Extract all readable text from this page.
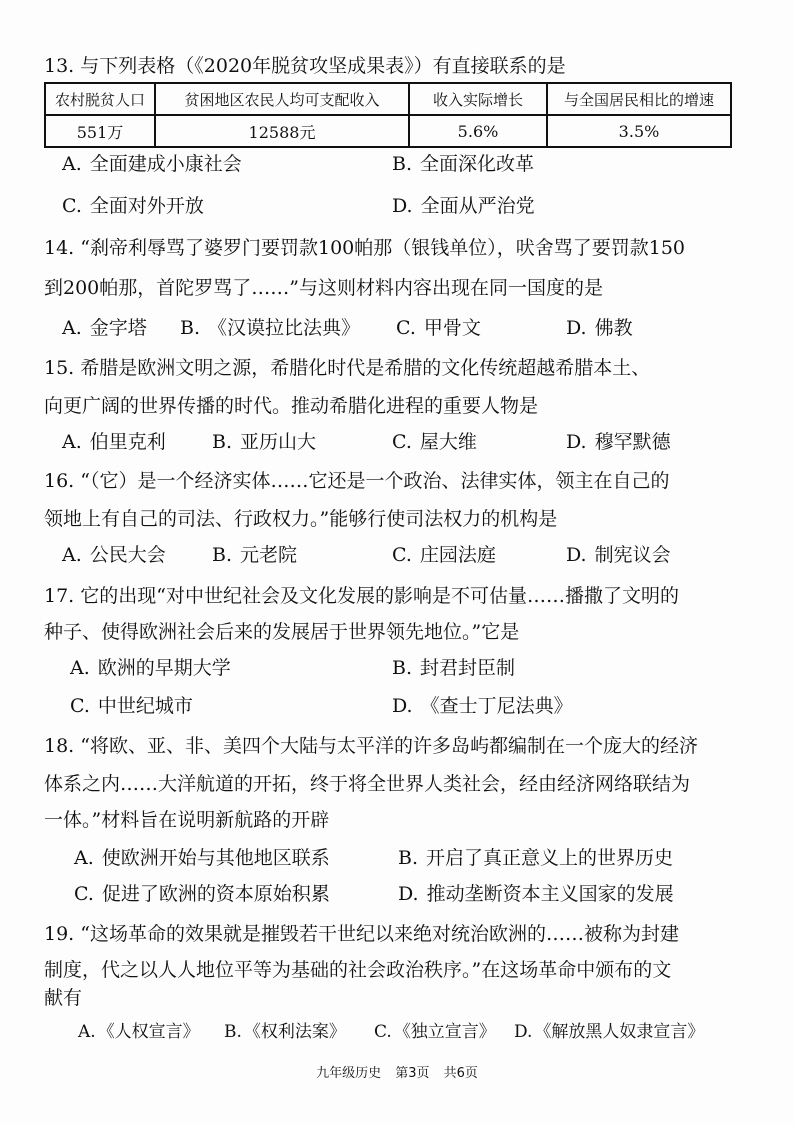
13. 与下列表格（《2020年脱贫攻坚成果表》）有直接联系的是
农村脱贫人口	贫困地区农民人均可支配收入	收入实际增长	与全国居民相比的增速
551万	12588元	5.6%	3.5%
A. 全面建成小康社会	B. 全面深化改革
C. 全面对外开放	D. 全面从严治党
14. “刹帝利辱骂了婆罗门要罚款100帕那（银钱单位），吠舍骂了要罚款150
到200帕那，首陀罗骂了……”与这则材料内容出现在同一国度的是
A. 金字塔 B. 《汉谟拉比法典》 C. 甲骨文	D. 佛教
15. 希腊是欧洲文明之源，希腊化时代是希腊的文化传统超越希腊本土、
向更广阔的世界传播的时代。推动希腊化进程的重要人物是
A. 伯里克利 B. 亚历山大	C. 屋大维	D. 穆罕默德
16. “（它）是一个经济实体……它还是一个政治、法律实体，领主在自己的
领地上有自己的司法、行政权力。”能够行使司法权力的机构是
A. 公民大会 B. 元老院	C. 庄园法庭	D. 制宪议会
17. 它的出现“对中世纪社会及文化发展的影响是不可估量……播撒了文明的
种子、使得欧洲社会后来的发展居于世界领先地位。”它是
A. 欧洲的早期大学	B. 封君封臣制
C. 中世纪城市	D. 《查士丁尼法典》
18. “将欧、亚、非、美四个大陆与太平洋的许多岛屿都编制在一个庞大的经济
体系之内……大洋航道的开拓，终于将全世界人类社会，经由经济网络联结为
一体。”材料旨在说明新航路的开辟
A. 使欧洲开始与其他地区联系	B. 开启了真正意义上的世界历史
C. 促进了欧洲的资本原始积累	D. 推动垄断资本主义国家的发展
19. “这场革命的效果就是摧毁若干世纪以来绝对统治欧洲的……被称为封建
制度，代之以人人地位平等为基础的社会政治秩序。”在这场革命中颁布的文
献有
A. 《人权宣言》 B. 《权利法案》 C. 《独立宣言》 D. 《解放黑人奴隶宣言》
九年级历史 第3页 共6页
